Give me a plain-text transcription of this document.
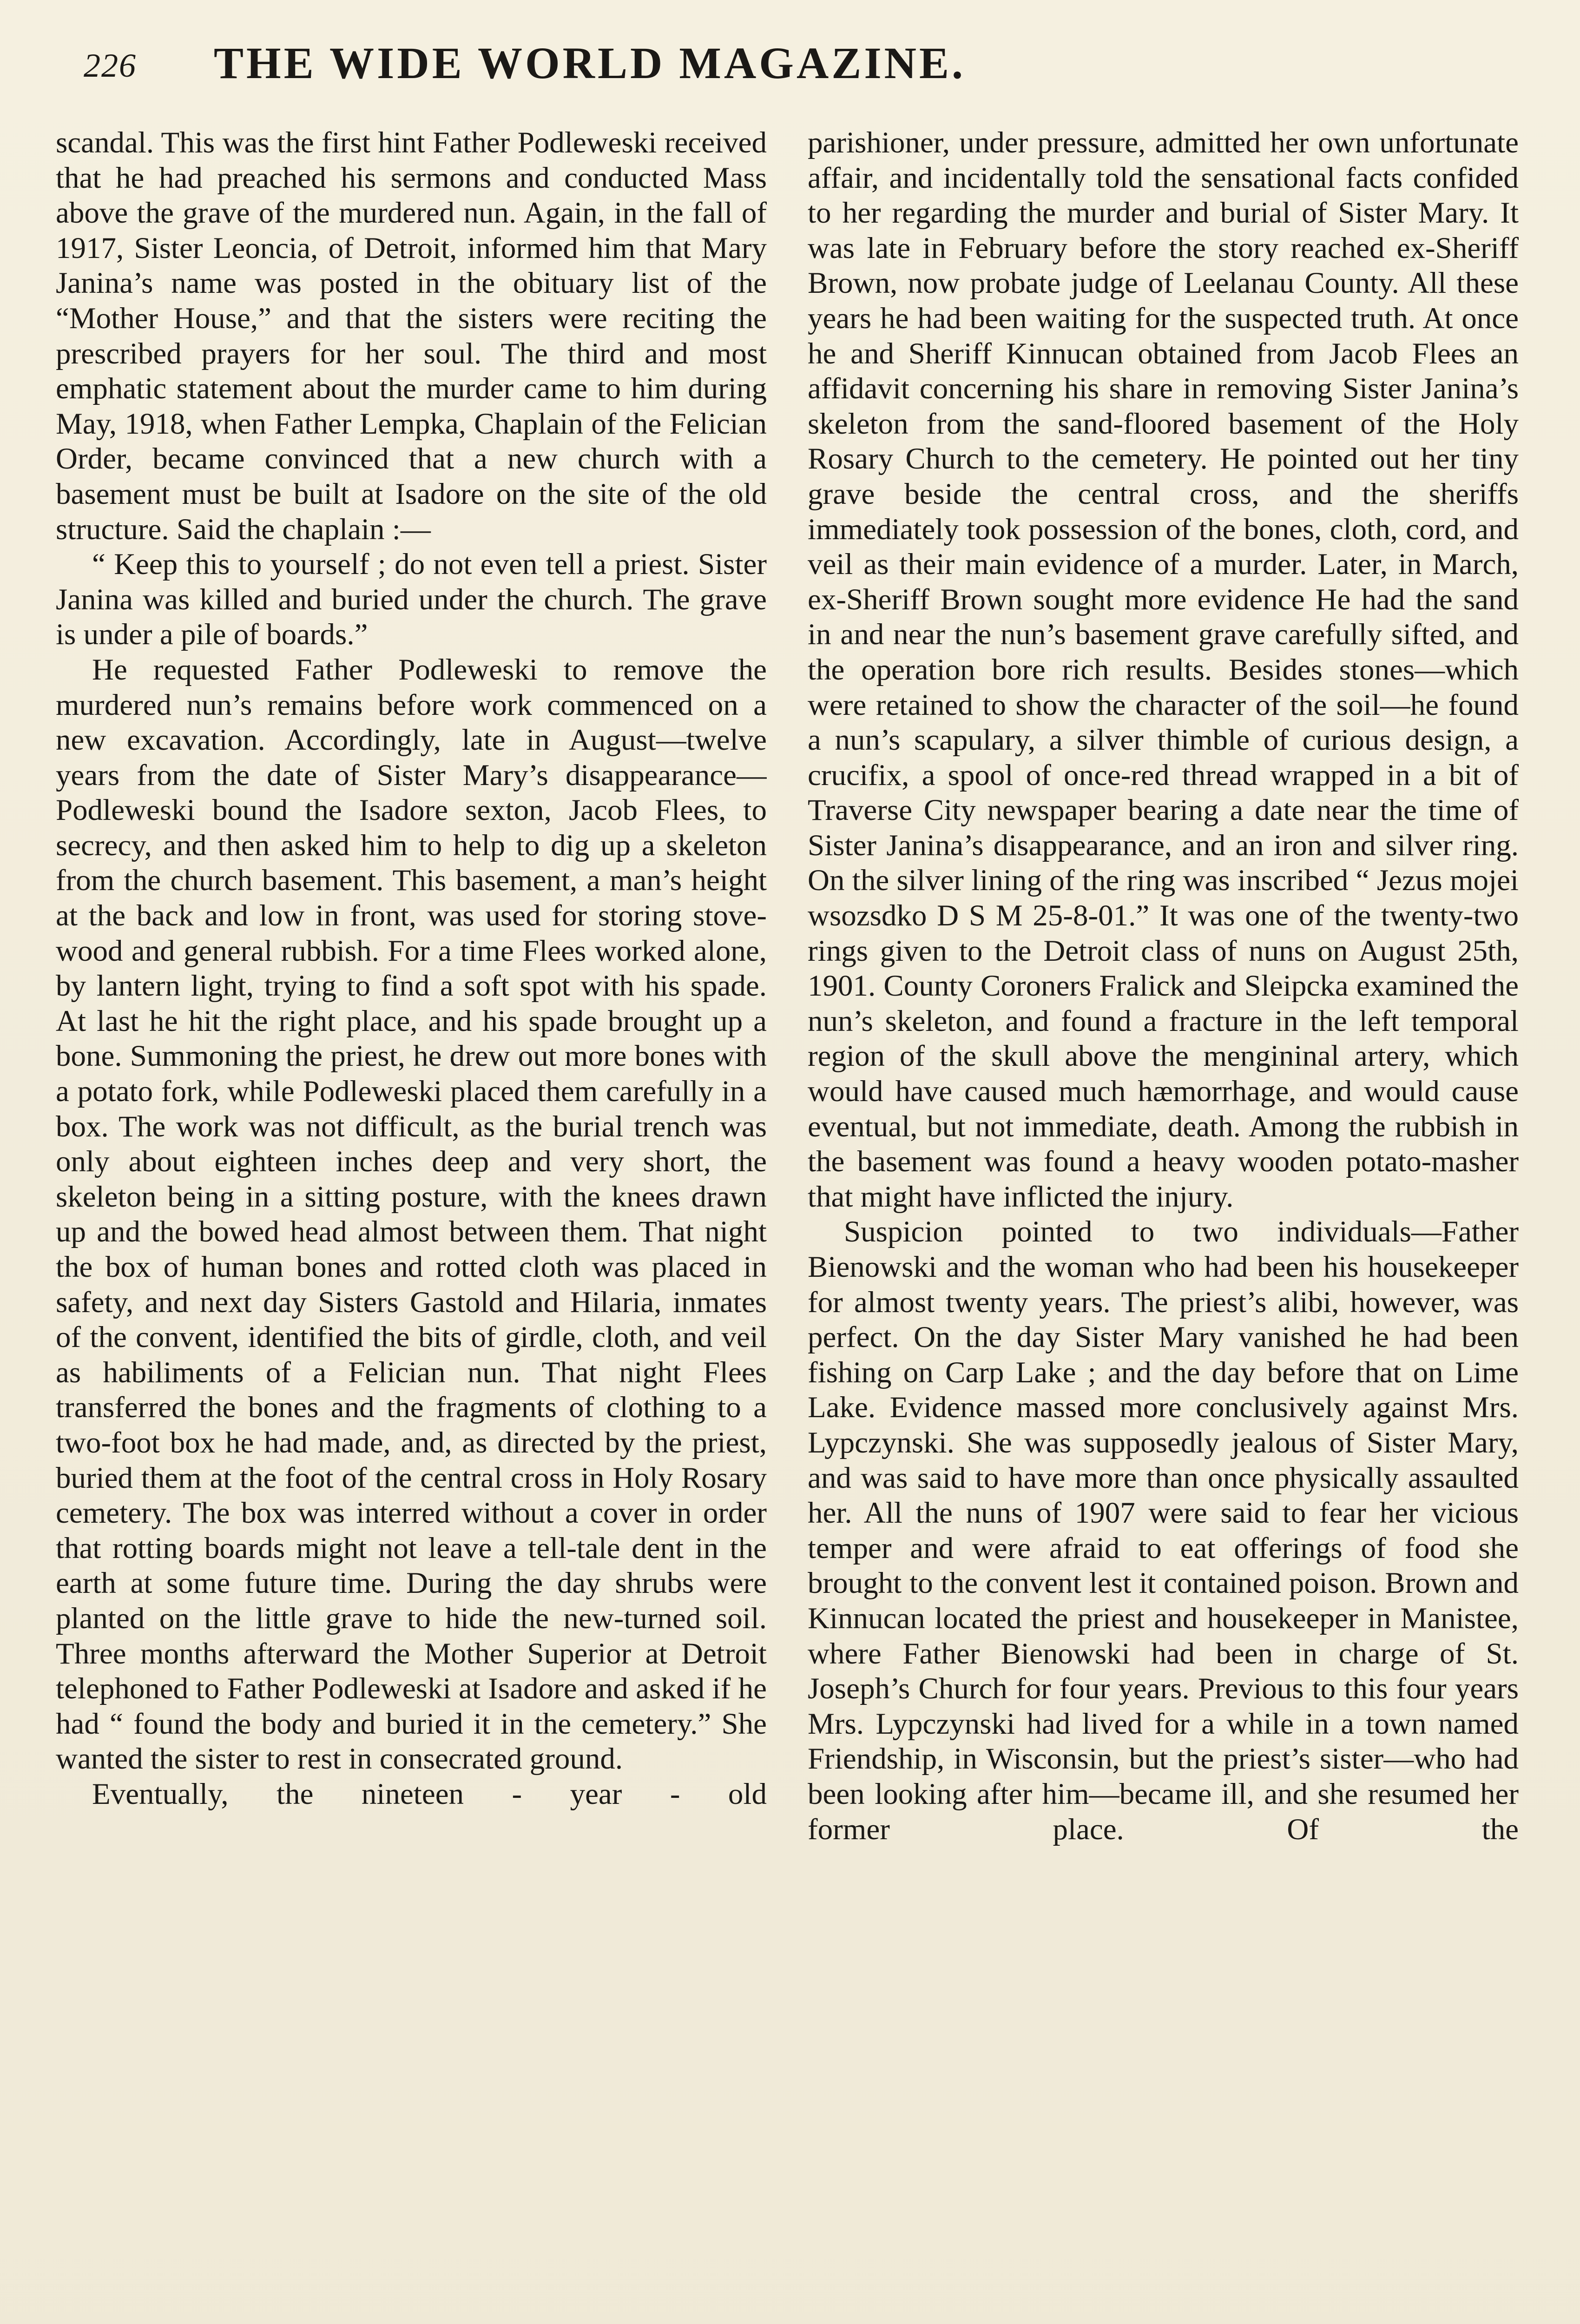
226 THE WIDE WORLD MAGAZINE.

scandal. This was the first hint Father Podleweski received that he had preached his sermons and conducted Mass above the grave of the murdered nun. Again, in the fall of 1917, Sister Leoncia, of Detroit, informed him that Mary Janina’s name was posted in the obituary list of the “Mother House,” and that the sisters were reciting the prescribed prayers for her soul. The third and most emphatic statement about the murder came to him during May, 1918, when Father Lempka, Chaplain of the Felician Order, became convinced that a new church with a basement must be built at Isadore on the site of the old structure. Said the chaplain :—

“ Keep this to yourself ; do not even tell a priest. Sister Janina was killed and buried under the church. The grave is under a pile of boards.”

He requested Father Podleweski to remove the murdered nun’s remains before work commenced on a new excavation. Accordingly, late in August—twelve years from the date of Sister Mary’s disappearance—Podleweski bound the Isadore sexton, Jacob Flees, to secrecy, and then asked him to help to dig up a skeleton from the church basement. This basement, a man’s height at the back and low in front, was used for storing stove-wood and general rubbish. For a time Flees worked alone, by lantern light, trying to find a soft spot with his spade. At last he hit the right place, and his spade brought up a bone. Summoning the priest, he drew out more bones with a potato fork, while Podleweski placed them carefully in a box. The work was not difficult, as the burial trench was only about eighteen inches deep and very short, the skeleton being in a sitting posture, with the knees drawn up and the bowed head almost between them. That night the box of human bones and rotted cloth was placed in safety, and next day Sisters Gastold and Hilaria, inmates of the convent, identified the bits of girdle, cloth, and veil as habiliments of a Felician nun. That night Flees transferred the bones and the fragments of clothing to a two-foot box he had made, and, as directed by the priest, buried them at the foot of the central cross in Holy Rosary cemetery. The box was interred without a cover in order that rotting boards might not leave a tell-tale dent in the earth at some future time. During the day shrubs were planted on the little grave to hide the new-turned soil. Three months afterward the Mother Superior at Detroit telephoned to Father Podleweski at Isadore and asked if he had “ found the body and buried it in the cemetery.” She wanted the sister to rest in consecrated ground.

Eventually, the nineteen - year - old

parishioner, under pressure, admitted her own unfortunate affair, and incidentally told the sensational facts confided to her regarding the murder and burial of Sister Mary. It was late in February before the story reached ex-Sheriff Brown, now probate judge of Leelanau County. All these years he had been waiting for the suspected truth. At once he and Sheriff Kinnucan obtained from Jacob Flees an affidavit concerning his share in removing Sister Janina’s skeleton from the sand-floored basement of the Holy Rosary Church to the cemetery. He pointed out her tiny grave beside the central cross, and the sheriffs immediately took possession of the bones, cloth, cord, and veil as their main evidence of a murder. Later, in March, ex-Sheriff Brown sought more evidence He had the sand in and near the nun’s basement grave carefully sifted, and the operation bore rich results. Besides stones—which were retained to show the character of the soil—he found a nun’s scapulary, a silver thimble of curious design, a crucifix, a spool of once-red thread wrapped in a bit of Traverse City newspaper bearing a date near the time of Sister Janina’s disappearance, and an iron and silver ring. On the silver lining of the ring was inscribed “ Jezus mojei wsozsdko D S M 25-8-01.” It was one of the twenty-two rings given to the Detroit class of nuns on August 25th, 1901. County Coroners Fralick and Sleipcka examined the nun’s skeleton, and found a fracture in the left temporal region of the skull above the mengininal artery, which would have caused much hæmorrhage, and would cause eventual, but not immediate, death. Among the rubbish in the basement was found a heavy wooden potato-masher that might have inflicted the injury.

Suspicion pointed to two individuals—Father Bienowski and the woman who had been his housekeeper for almost twenty years. The priest’s alibi, however, was perfect. On the day Sister Mary vanished he had been fishing on Carp Lake ; and the day before that on Lime Lake. Evidence massed more conclusively against Mrs. Lypczynski. She was supposedly jealous of Sister Mary, and was said to have more than once physically assaulted her. All the nuns of 1907 were said to fear her vicious temper and were afraid to eat offerings of food she brought to the convent lest it contained poison. Brown and Kinnucan located the priest and housekeeper in Manistee, where Father Bienowski had been in charge of St. Joseph’s Church for four years. Previous to this four years Mrs. Lypczynski had lived for a while in a town named Friendship, in Wisconsin, but the priest’s sister—who had been looking after him—became ill, and she resumed her former place. Of the
